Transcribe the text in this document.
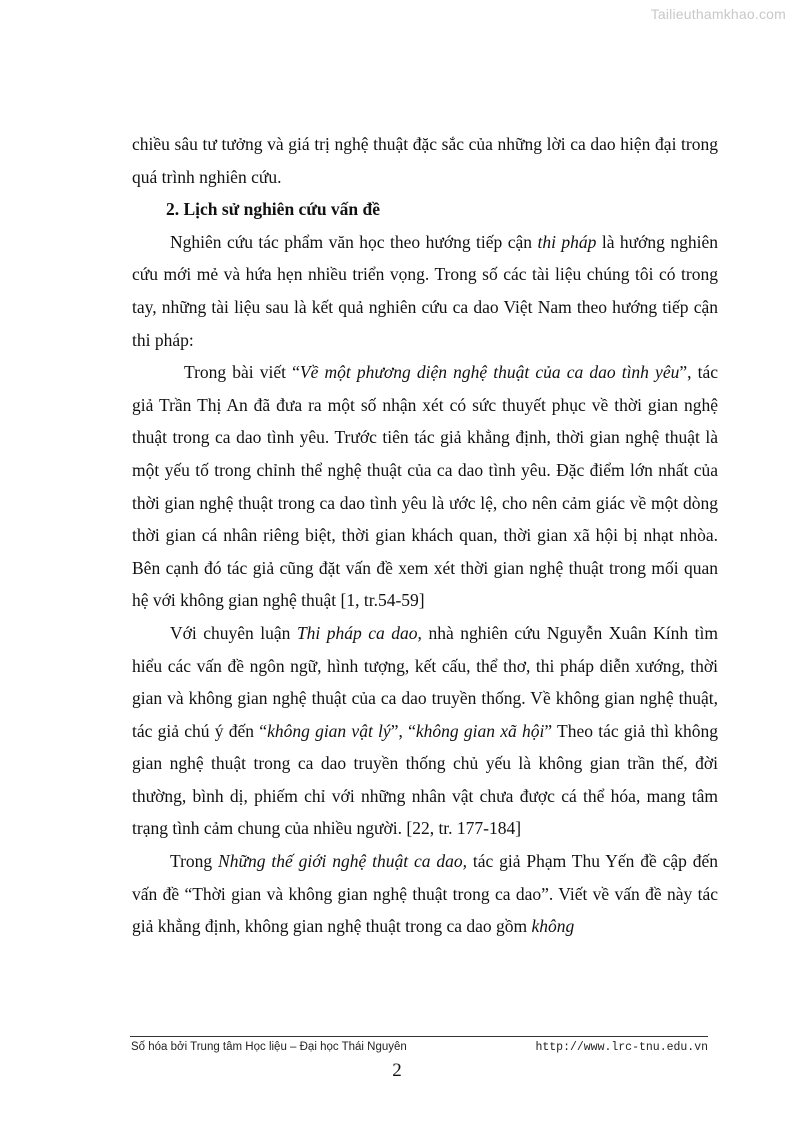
Tailieuthamkhao.com

chiều sâu tư tưởng và giá trị nghệ thuật đặc sắc của những lời ca dao hiện đại trong quá trình nghiên cứu.

2. Lịch sử nghiên cứu vấn đề

Nghiên cứu tác phẩm văn học theo hướng tiếp cận thi pháp là hướng nghiên cứu mới mẻ và hứa hẹn nhiều triển vọng. Trong số các tài liệu chúng tôi có trong tay, những tài liệu sau là kết quả nghiên cứu ca dao Việt Nam theo hướng tiếp cận thi pháp:

Trong bài viết “Về một phương diện nghệ thuật của ca dao tình yêu”, tác giả Trần Thị An đã đưa ra một số nhận xét có sức thuyết phục về thời gian nghệ thuật trong ca dao tình yêu. Trước tiên tác giả khẳng định, thời gian nghệ thuật là một yếu tố trong chỉnh thể nghệ thuật của ca dao tình yêu. Đặc điểm lớn nhất của thời gian nghệ thuật trong ca dao tình yêu là ước lệ, cho nên cảm giác về một dòng thời gian cá nhân riêng biệt, thời gian khách quan, thời gian xã hội bị nhạt nhòa. Bên cạnh đó tác giả cũng đặt vấn đề xem xét thời gian nghệ thuật trong mối quan hệ với không gian nghệ thuật [1, tr.54-59]

Với chuyên luận Thi pháp ca dao, nhà nghiên cứu Nguyễn Xuân Kính tìm hiểu các vấn đề ngôn ngữ, hình tượng, kết cấu, thể thơ, thi pháp diễn xướng, thời gian và không gian nghệ thuật của ca dao truyền thống. Về không gian nghệ thuật, tác giả chú ý đến “không gian vật lý”, “không gian xã hội” Theo tác giả thì không gian nghệ thuật trong ca dao truyền thống chủ yếu là không gian trần thế, đời thường, bình dị, phiếm chỉ với những nhân vật chưa được cá thể hóa, mang tâm trạng tình cảm chung của nhiều người. [22, tr. 177-184]

Trong Những thế giới nghệ thuật ca dao, tác giả Phạm Thu Yến đề cập đến vấn đề “Thời gian và không gian nghệ thuật trong ca dao”. Viết về vấn đề này tác giả khẳng định, không gian nghệ thuật trong ca dao gồm không

Số hóa bởi Trung tâm Học liệu – Đại học Thái Nguyên	http://www.lrc-tnu.edu.vn
2
